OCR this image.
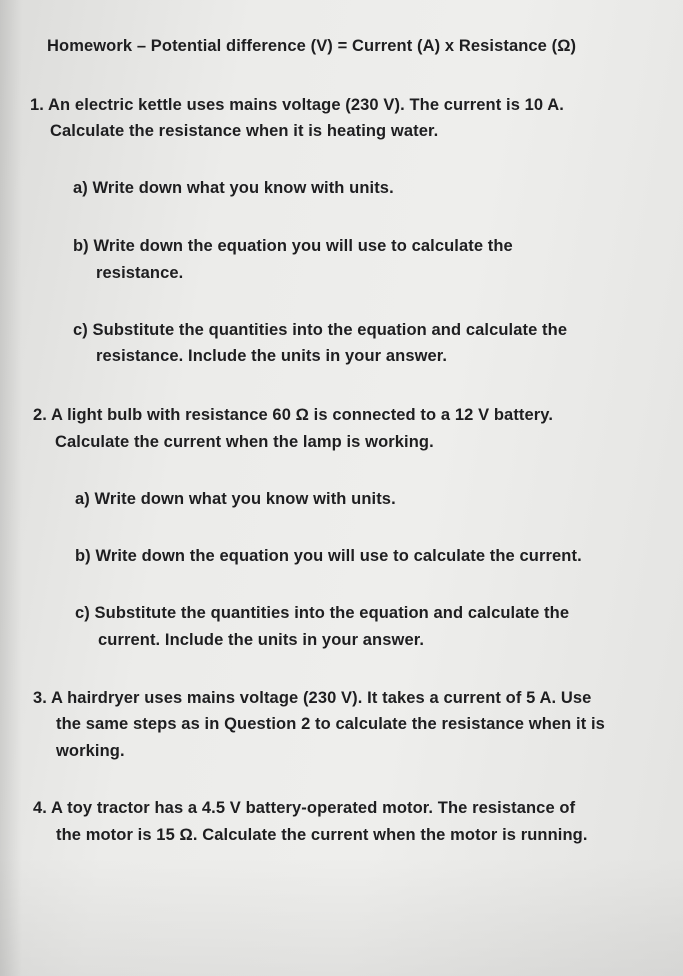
Homework – Potential difference (V) = Current (A) x Resistance (Ω)
1. An electric kettle uses mains voltage (230 V). The current is 10 A.
Calculate the resistance when it is heating water.
a) Write down what you know with units.
b) Write down the equation you will use to calculate the
resistance.
c) Substitute the quantities into the equation and calculate the
resistance. Include the units in your answer.
2. A light bulb with resistance 60 Ω is connected to a 12 V battery.
Calculate the current when the lamp is working.
a) Write down what you know with units.
b) Write down the equation you will use to calculate the current.
c) Substitute the quantities into the equation and calculate the
current. Include the units in your answer.
3. A hairdryer uses mains voltage (230 V). It takes a current of 5 A. Use
the same steps as in Question 2 to calculate the resistance when it is
working.
4. A toy tractor has a 4.5 V battery-operated motor. The resistance of
the motor is 15 Ω. Calculate the current when the motor is running.
